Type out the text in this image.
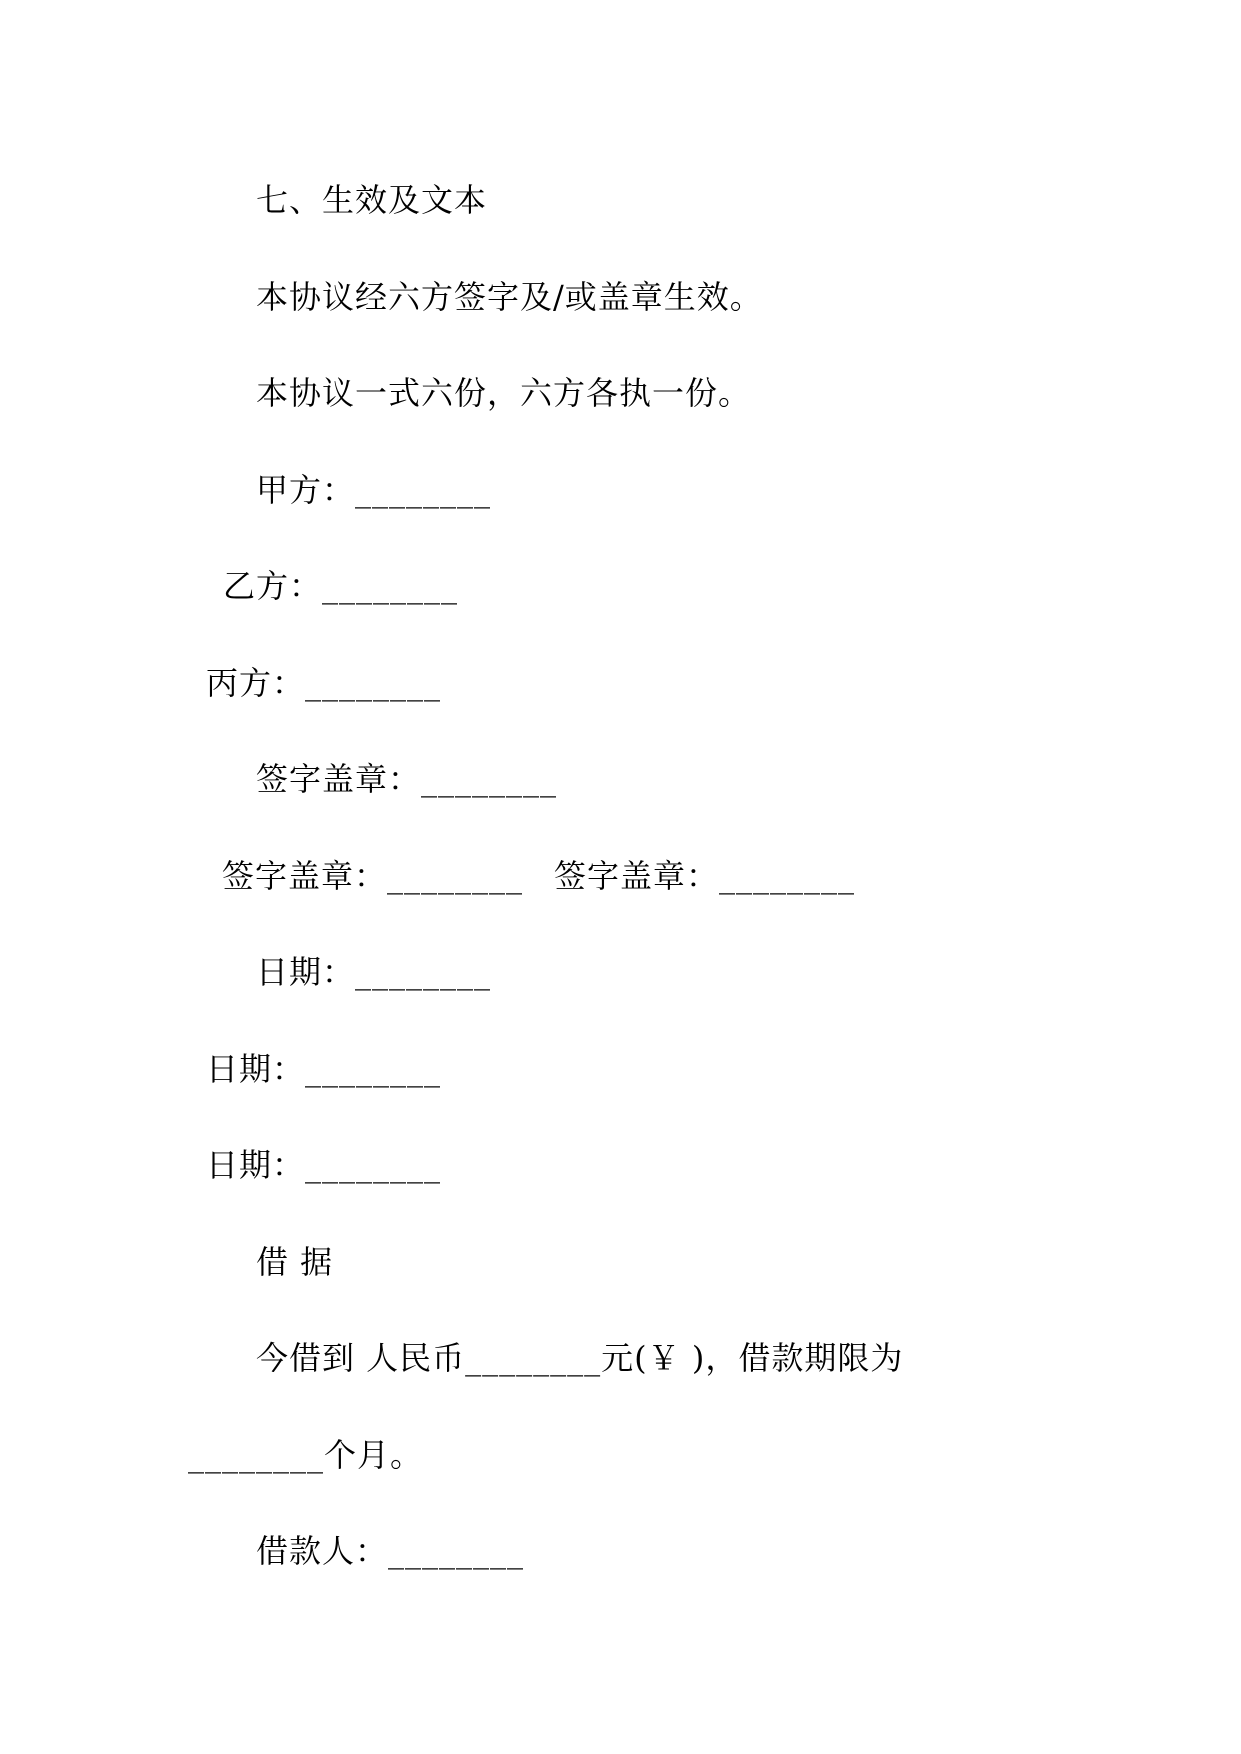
七、生效及文本
本协议经六方签字及/或盖章生效。
本协议一式六份，六方各执一份。
甲方：________
乙方：________
丙方：________
签字盖章：________
签字盖章：________ 签字盖章：________
日期：________
日期：________
日期：________
借 据
今借到 人民币________元(￥ )，借款期限为
________个月。
借款人：________
